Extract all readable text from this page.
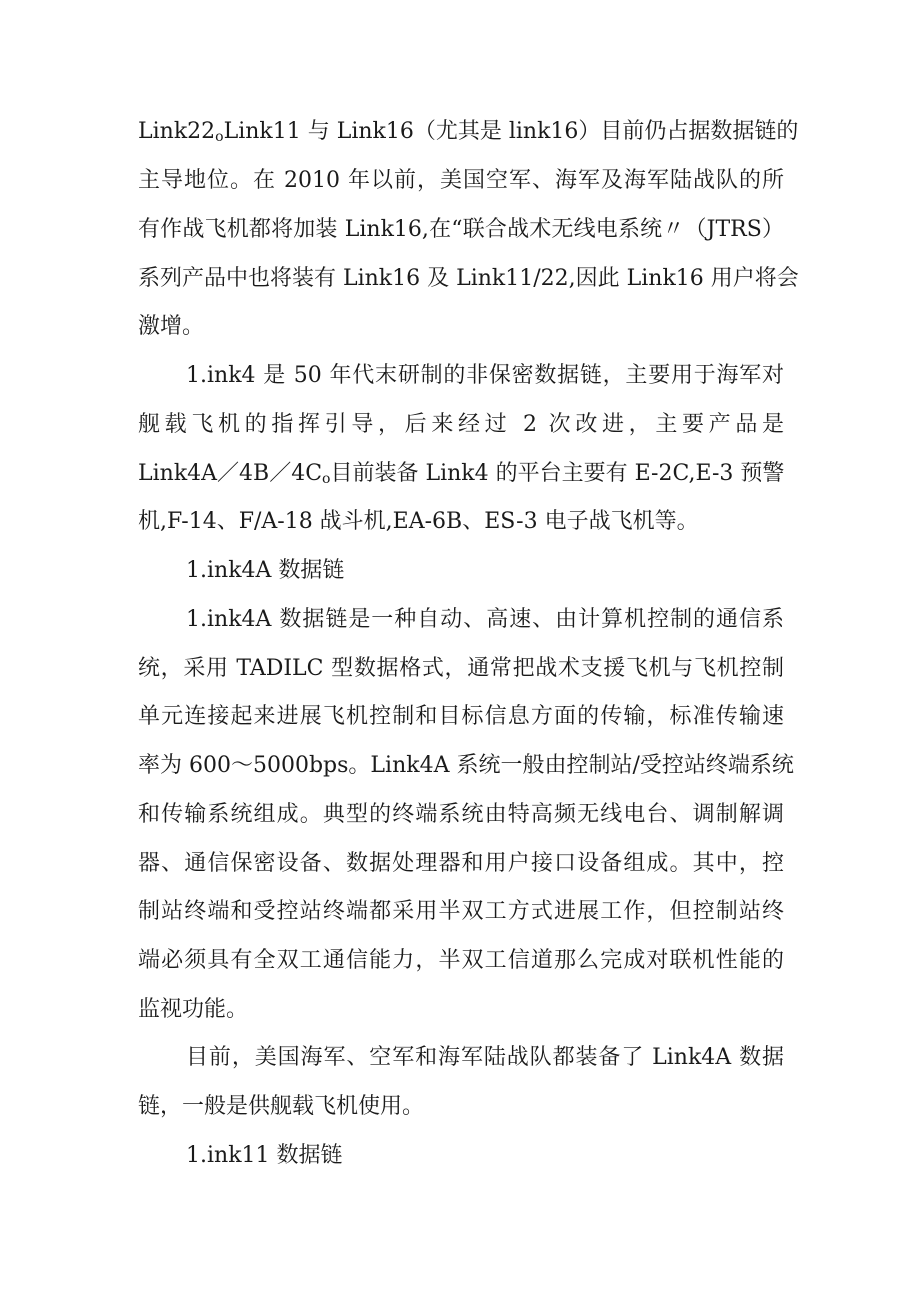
$Link22_oLink11$ 与 Link16（尤其是 link16）目前仍占据数据链的
主导地位。在 2010 年以前，美国空军、海军及海军陆战队的所
有作战飞机都将加装 Link16,在“联合战术无线电系统〃（JTRS）
系列产品中也将装有 Link16 及 Link11/22,因此 Link16 用户将会
激增。
1.ink4 是 50 年代末研制的非保密数据链，主要用于海军对
舰载飞机的指挥引导，后来经过 2 次改进，主要产品是
$Link4A/4B/4C_o$目前装备 Link4 的平台主要有 E-2C,E-3 预警
机,F-14、F/A-18 战斗机,EA-6B、ES-3 电子战飞机等。
1.ink4A 数据链
1.ink4A 数据链是一种自动、高速、由计算机控制的通信系
统，采用 TADILC 型数据格式，通常把战术支援飞机与飞机控制
单元连接起来进展飞机控制和目标信息方面的传输，标准传输速
率为 600～5000bps。Link4A 系统一般由控制站/受控站终端系统
和传输系统组成。典型的终端系统由特高频无线电台、调制解调
器、通信保密设备、数据处理器和用户接口设备组成。其中，控
制站终端和受控站终端都采用半双工方式进展工作，但控制站终
端必须具有全双工通信能力，半双工信道那么完成对联机性能的
监视功能。
目前，美国海军、空军和海军陆战队都装备了 Link4A 数据
链，一般是供舰载飞机使用。
1.ink11 数据链
